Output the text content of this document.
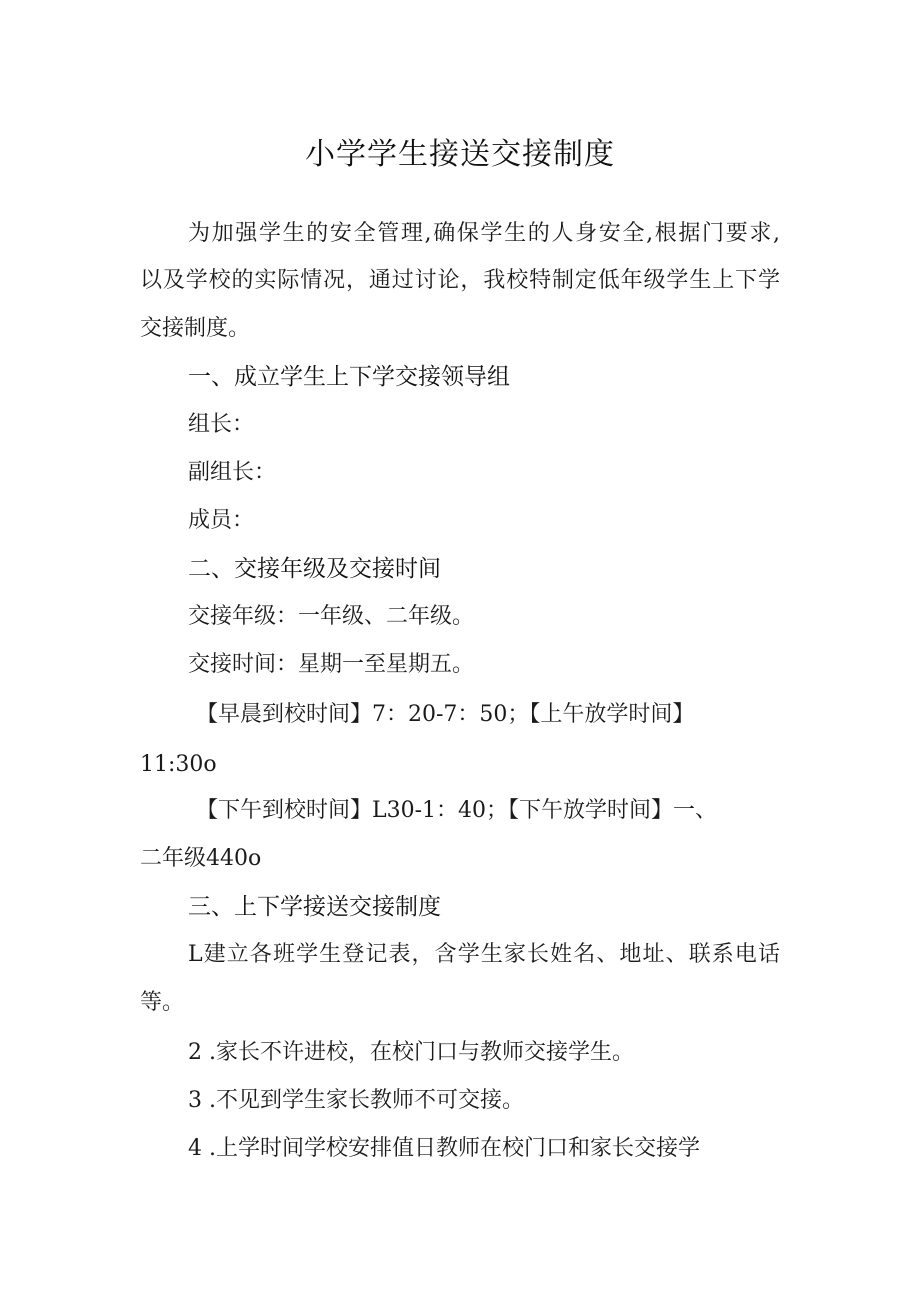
小学学生接送交接制度
为加强学生的安全管理,确保学生的人身安全,根据门要求,
以及学校的实际情况，通过讨论，我校特制定低年级学生上下学
交接制度。
一、成立学生上下学交接领导组
组长：
副组长：
成员：
二、交接年级及交接时间
交接年级：一年级、二年级。
交接时间：星期一至星期五。
【早晨到校时间】7：20-7：50；【上午放学时间】
11:30o
【下午到校时间】L30-1：40；【下午放学时间】一、
二年级440o
三、上下学接送交接制度
L建立各班学生登记表，含学生家长姓名、地址、联系电话
等。
2 .家长不许进校，在校门口与教师交接学生。
3 .不见到学生家长教师不可交接。
4 .上学时间学校安排值日教师在校门口和家长交接学
